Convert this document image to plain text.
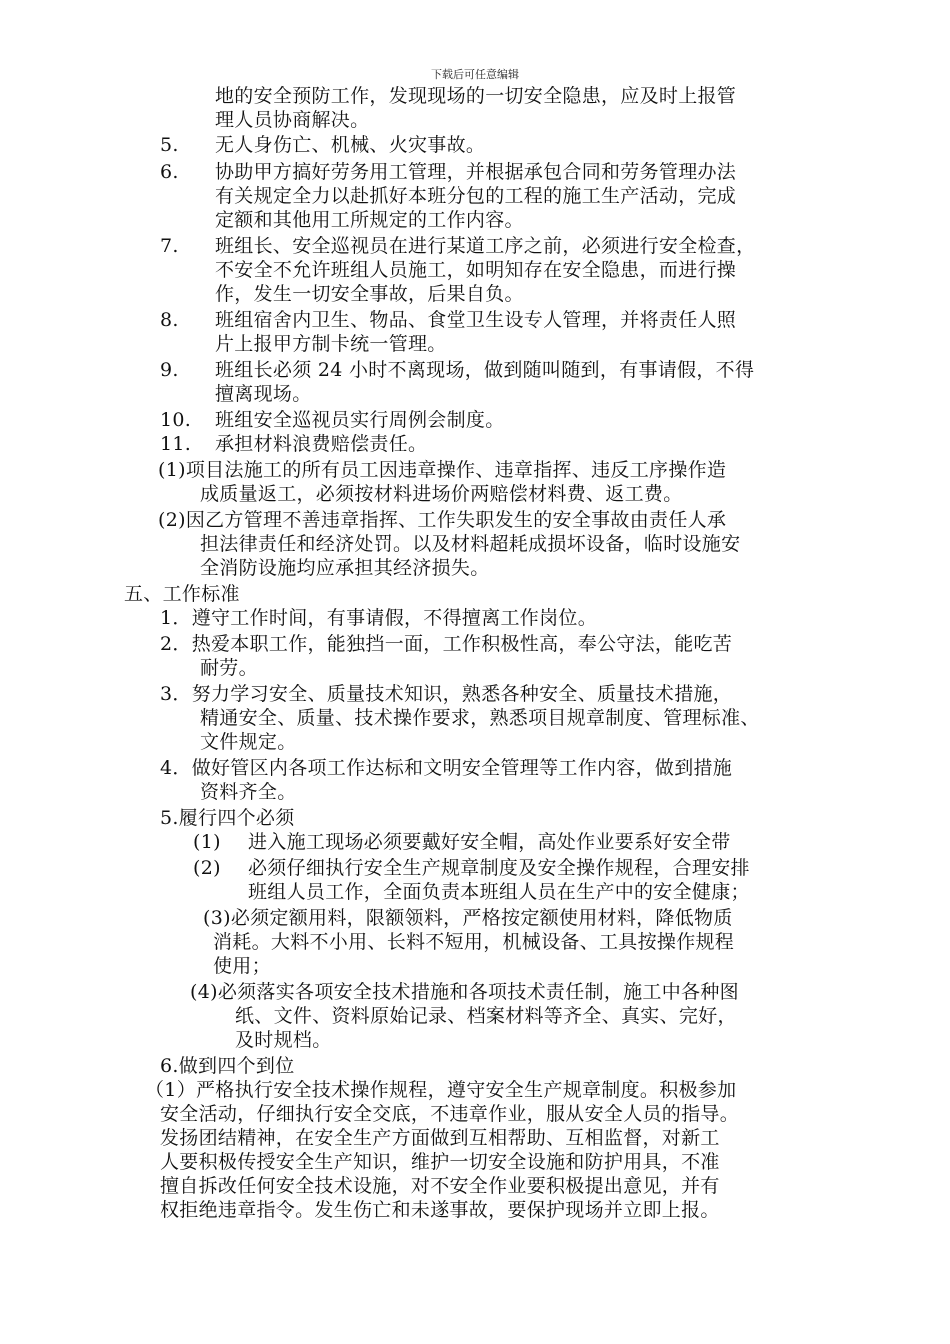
下载后可任意编辑
地的安全预防工作，发现现场的一切安全隐患，应及时上报管
理人员协商解决。
5. 无人身伤亡、机械、火灾事故。
6. 协助甲方搞好劳务用工管理，并根据承包合同和劳务管理办法
有关规定全力以赴抓好本班分包的工程的施工生产活动，完成
定额和其他用工所规定的工作内容。
7. 班组长、安全巡视员在进行某道工序之前，必须进行安全检查，
不安全不允许班组人员施工，如明知存在安全隐患，而进行操
作，发生一切安全事故，后果自负。
8. 班组宿舍内卫生、物品、食堂卫生设专人管理，并将责任人照
片上报甲方制卡统一管理。
9. 班组长必须 24 小时不离现场，做到随叫随到，有事请假，不得
擅离现场。
10. 班组安全巡视员实行周例会制度。
11. 承担材料浪费赔偿责任。
(1)项目法施工的所有员工因违章操作、违章指挥、违反工序操作造
成质量返工，必须按材料进场价两赔偿材料费、返工费。
(2)因乙方管理不善违章指挥、工作失职发生的安全事故由责任人承
担法律责任和经济处罚。以及材料超耗成损坏设备，临时设施安
全消防设施均应承担其经济损失。
五、工作标准
1．遵守工作时间，有事请假，不得擅离工作岗位。
2．热爱本职工作，能独挡一面，工作积极性高，奉公守法，能吃苦
耐劳。
3．努力学习安全、质量技术知识，熟悉各种安全、质量技术措施，
精通安全、质量、技术操作要求，熟悉项目规章制度、管理标准、
文件规定。
4．做好管区内各项工作达标和文明安全管理等工作内容，做到措施
资料齐全。
5.履行四个必须
(1) 进入施工现场必须要戴好安全帽，高处作业要系好安全带
(2) 必须仔细执行安全生产规章制度及安全操作规程，合理安排
班组人员工作，全面负责本班组人员在生产中的安全健康；
(3)必须定额用料，限额领料，严格按定额使用材料，降低物质
消耗。大料不小用、长料不短用，机械设备、工具按操作规程
使用；
(4)必须落实各项安全技术措施和各项技术责任制，施工中各种图
纸、文件、资料原始记录、档案材料等齐全、真实、完好，
及时规档。
6.做到四个到位
（1）严格执行安全技术操作规程，遵守安全生产规章制度。积极参加
安全活动，仔细执行安全交底，不违章作业，服从安全人员的指导。
发扬团结精神，在安全生产方面做到互相帮助、互相监督，对新工
人要积极传授安全生产知识，维护一切安全设施和防护用具，不准
擅自拆改任何安全技术设施，对不安全作业要积极提出意见，并有
权拒绝违章指令。发生伤亡和未遂事故，要保护现场并立即上报。
